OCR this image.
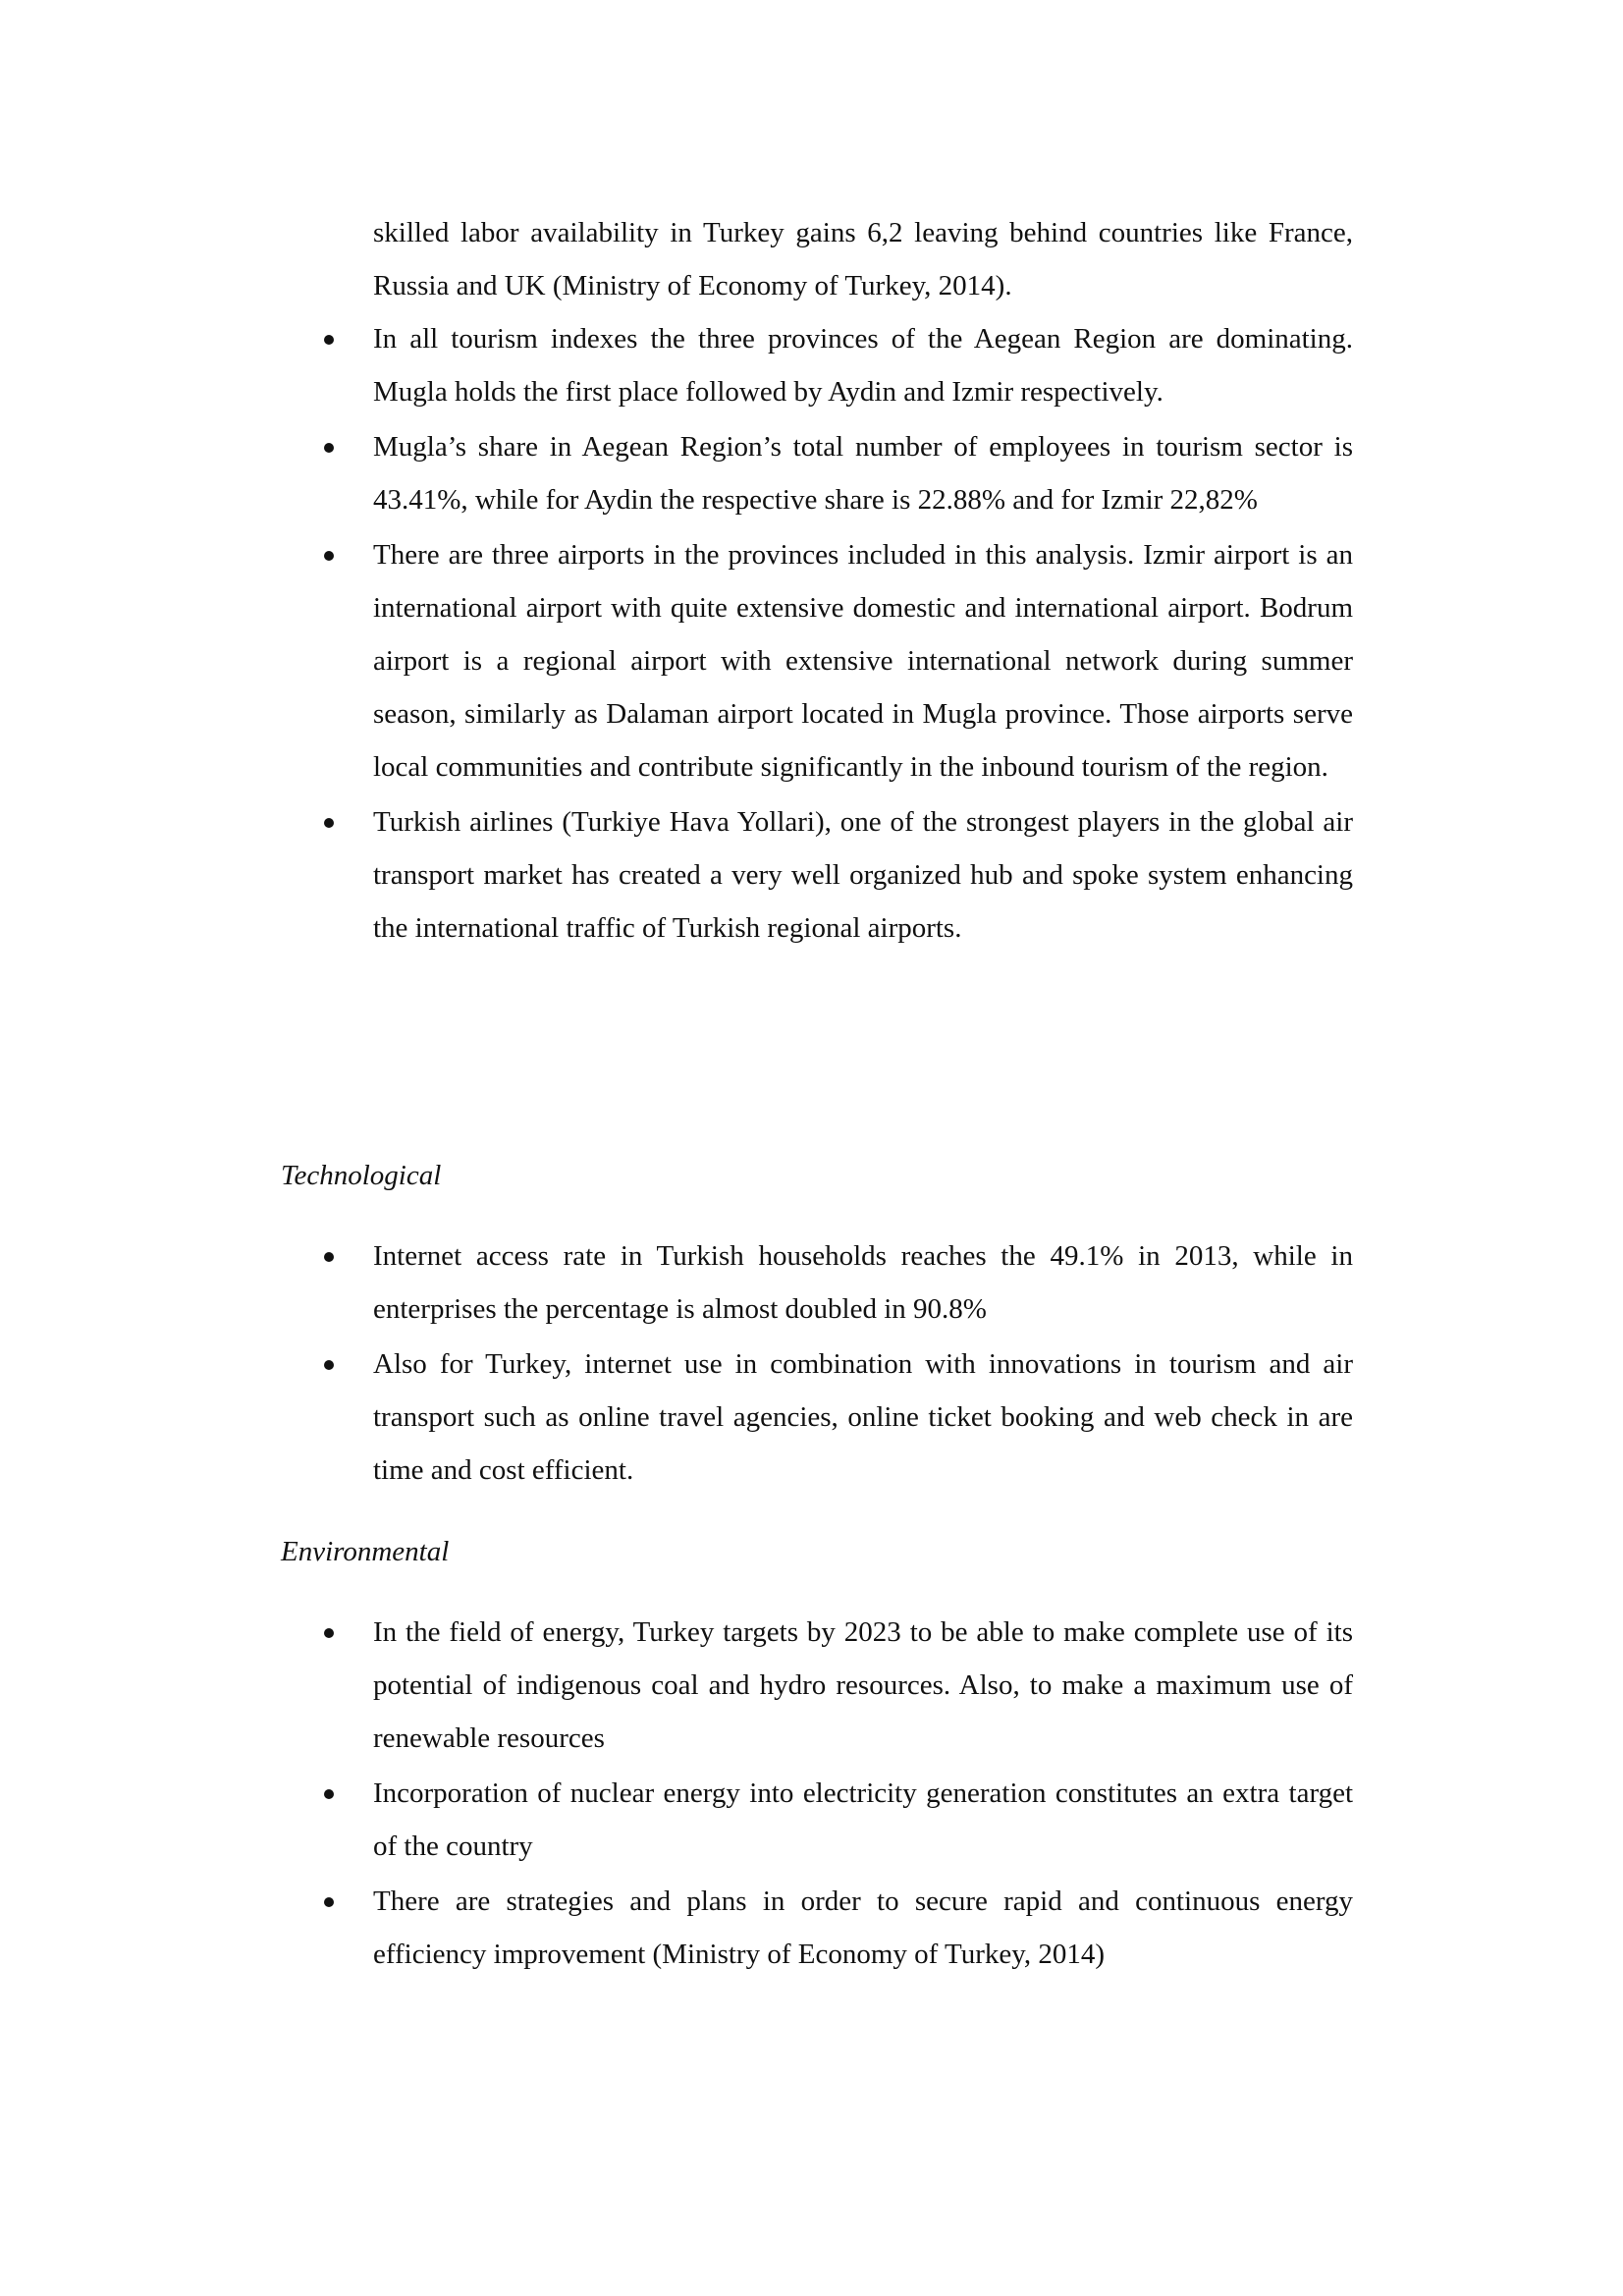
skilled labor availability in Turkey gains 6,2 leaving behind countries like France, Russia and UK (Ministry of Economy of Turkey, 2014).

In all tourism indexes the three provinces of the Aegean Region are dominating. Mugla holds the first place followed by Aydin and Izmir respectively.
Mugla’s share in Aegean Region’s total number of employees in tourism sector is 43.41%, while for Aydin the respective share is 22.88% and for Izmir 22,82%
There are three airports in the provinces included in this analysis. Izmir airport is an international airport with quite extensive domestic and international airport. Bodrum airport is a regional airport with extensive international network during summer season, similarly as Dalaman airport located in Mugla province. Those airports serve local communities and contribute significantly in the inbound tourism of the region.
Turkish airlines (Turkiye Hava Yollari), one of the strongest players in the global air transport market has created a very well organized hub and spoke system enhancing the international traffic of Turkish regional airports.

Technological

Internet access rate in Turkish households reaches the 49.1% in 2013, while in enterprises the percentage is almost doubled in 90.8%
Also for Turkey, internet use in combination with innovations in tourism and air transport such as online travel agencies, online ticket booking and web check in are time and cost efficient.

Environmental

In the field of energy, Turkey targets by 2023 to be able to make complete use of its potential of indigenous coal and hydro resources. Also, to make a maximum use of renewable resources
Incorporation of nuclear energy into electricity generation constitutes an extra target of the country
There are strategies and plans in order to secure rapid and continuous energy efficiency improvement (Ministry of Economy of Turkey, 2014)
